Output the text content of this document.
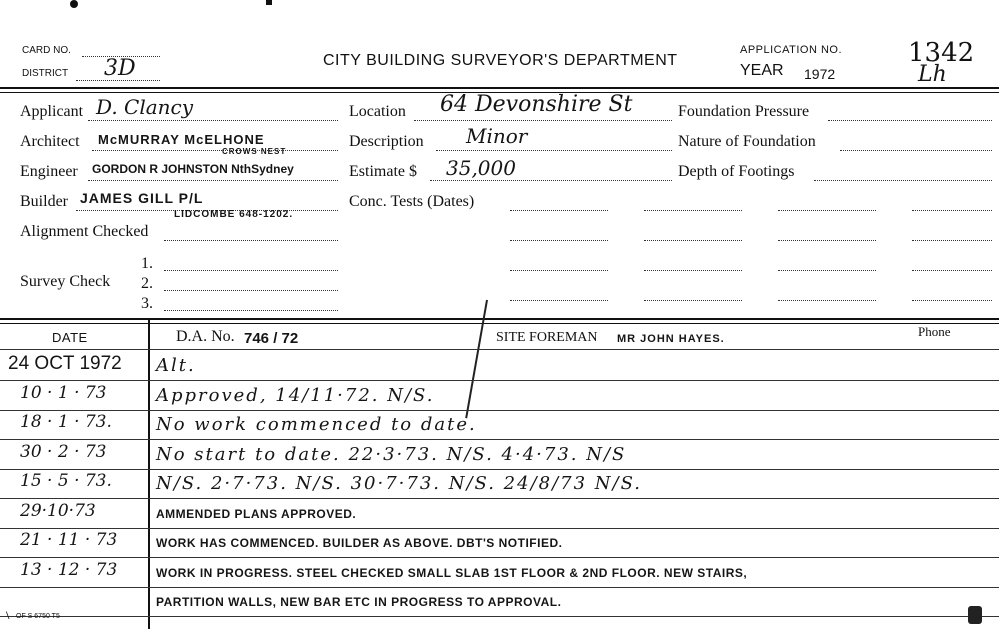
CARD NO.
DISTRICT 3D	CITY BUILDING SURVEYOR'S DEPARTMENT
APPLICATION NO.	1342
YEAR 1972	Lh
Applicant D. Clancy
Architect McMURRAY McELHONE
CROWS NEST
Engineer GORDON R JOHNSTON NthSydney
Builder JAMES GILL P/L
LIDCOMBE 648-1202.
Alignment Checked
Survey Check
1.
2.
3.
Location 64 Devonshire St
Description Minor
Estimate $ 35,000
Conc. Tests (Dates)
Foundation Pressure
Nature of Foundation
Depth of Footings
DATE	D.A. No. 746 / 72	SITE FOREMAN MR JOHN HAYES.	Phone
24 OCT 1972 Alt.
10 · 1 · 73	Approved, 14/11·72. N/S.
18 · 1 · 73. No work commenced to date.
30 · 2 · 73	No start to date. 22·3·73. N/S. 4·4·73. N/S
15 · 5 · 73. N/S. 2·7·73. N/S. 30·7·73. N/S. 24/8/73 N/S.
29·10·73	AMMENDED PLANS APPROVED.
21 · 11 · 73	WORK HAS COMMENCED. BUILDER AS ABOVE. DBT'S NOTIFIED.
13 · 12 · 73	WORK IN PROGRESS. STEEL CHECKED SMALL SLAB 1ST FLOOR & 2ND FLOOR. NEW STAIRS,
PARTITION WALLS, NEW BAR ETC IN PROGRESS TO APPROVAL.
\ OF S 6750 T5
